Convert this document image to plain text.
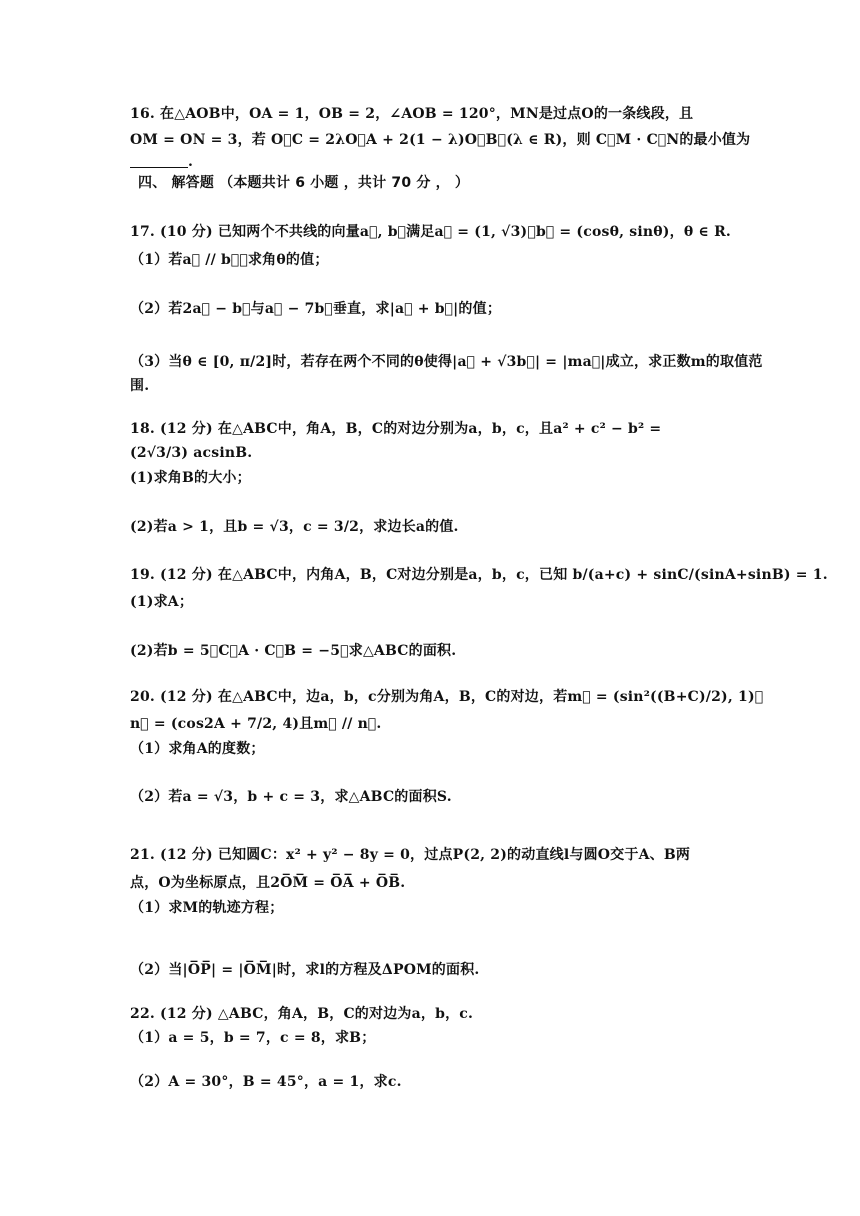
16. 在△AOB中，OA = 1，OB = 2，∠AOB = 120°，MN是过点O的一条线段，且
OM = ON = 3，若 O⃗C = 2λO⃗A + 2(1 − λ)O⃗B，(λ ∈ R)，则 C⃗M · C⃗N的最小值为
.
四、 解答题 （本题共计 6 小题 ，共计 70 分 ， ）
17. (10 分) 已知两个不共线的向量a⃗, b⃗满足a⃗ = (1, √3)，b⃗ = (cosθ, sinθ)，θ ∈ R.
（1）若a⃗ // b⃗，求角θ的值；
（2）若2a⃗ − b⃗与a⃗ − 7b⃗垂直，求|a⃗ + b⃗|的值；
（3）当θ ∈ [0, π/2]时，若存在两个不同的θ使得|a⃗ + √3b⃗| = |ma⃗|成立，求正数m的取值范
围.
18. (12 分) 在△ABC中，角A，B，C的对边分别为a，b，c，且a² + c² − b² =
(2√3/3) acsinB.
(1)求角B的大小；
(2)若a > 1，且b = √3，c = 3/2，求边长a的值.
19. (12 分) 在△ABC中，内角A，B，C对边分别是a，b，c，已知 b/(a+c) + sinC/(sinA+sinB) = 1.
(1)求A；
(2)若b = 5，C⃗A · C⃗B = −5，求△ABC的面积.
20. (12 分) 在△ABC中，边a，b，c分别为角A，B，C的对边，若m⃗ = (sin²((B+C)/2), 1)，
n⃗ = (cos2A + 7/2, 4)且m⃗ // n⃗.
（1）求角A的度数；
（2）若a = √3，b + c = 3，求△ABC的面积S.
21. (12 分) 已知圆C：x² + y² − 8y = 0，过点P(2, 2)的动直线l与圆O交于A、B两
点，O为坐标原点，且2O̅M̅ = O̅A̅ + O̅B̅.
（1）求M的轨迹方程；
（2）当|O̅P̅| = |O̅M̅|时，求l的方程及ΔPOM的面积.
22. (12 分) △ABC，角A，B，C的对边为a，b，c.
（1）a = 5，b = 7，c = 8，求B；
（2）A = 30°，B = 45°，a = 1，求c.
